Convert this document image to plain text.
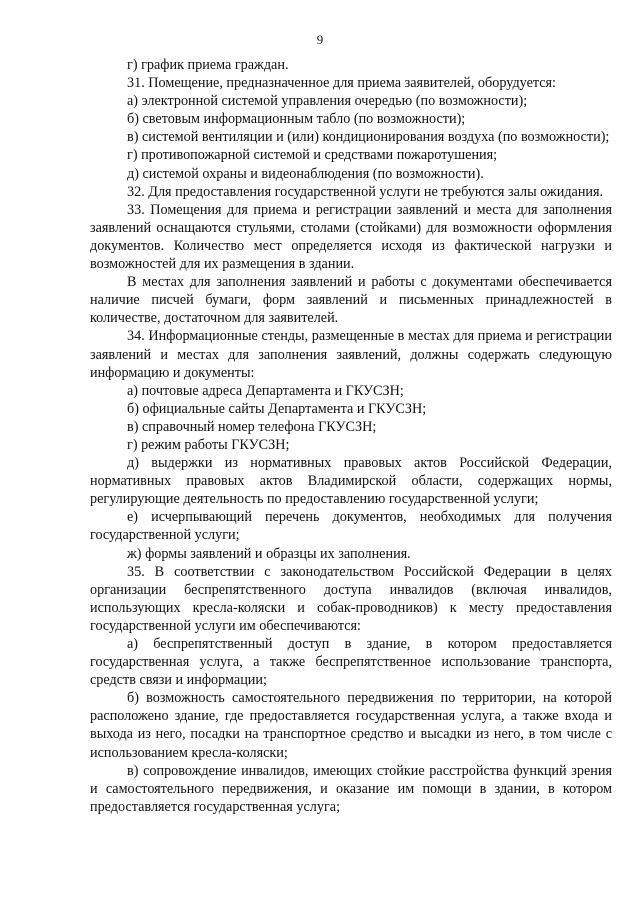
9

г) график приема граждан.

31. Помещение, предназначенное для приема заявителей, оборудуется:

а) электронной системой управления очередью (по возможности);

б) световым информационным табло (по возможности);

в) системой вентиляции и (или) кондиционирования воздуха (по возможности);

г) противопожарной системой и средствами пожаротушения;

д) системой охраны и видеонаблюдения (по возможности).

32. Для предоставления государственной услуги не требуются залы ожидания.

33. Помещения для приема и регистрации заявлений и места для заполнения заявлений оснащаются стульями, столами (стойками) для возможности оформления документов. Количество мест определяется исходя из фактической нагрузки и возможностей для их размещения в здании.

В местах для заполнения заявлений и работы с документами обеспечивается наличие писчей бумаги, форм заявлений и письменных принадлежностей в количестве, достаточном для заявителей.

34. Информационные стенды, размещенные в местах для приема и регистрации заявлений и местах для заполнения заявлений, должны содержать следующую информацию и документы:

а) почтовые адреса Департамента и ГКУСЗН;

б) официальные сайты Департамента и ГКУСЗН;

в) справочный номер телефона ГКУСЗН;

г) режим работы ГКУСЗН;

д) выдержки из нормативных правовых актов Российской Федерации, нормативных правовых актов Владимирской области, содержащих нормы, регулирующие деятельность по предоставлению государственной услуги;

е) исчерпывающий перечень документов, необходимых для получения государственной услуги;

ж) формы заявлений и образцы их заполнения.

35. В соответствии с законодательством Российской Федерации в целях организации беспрепятственного доступа инвалидов (включая инвалидов, использующих кресла-коляски и собак-проводников) к месту предоставления государственной услуги им обеспечиваются:

а) беспрепятственный доступ в здание, в котором предоставляется государственная услуга, а также беспрепятственное использование транспорта, средств связи и информации;

б) возможность самостоятельного передвижения по территории, на которой расположено здание, где предоставляется государственная услуга, а также входа и выхода из него, посадки на транспортное средство и высадки из него, в том числе с использованием кресла-коляски;

в) сопровождение инвалидов, имеющих стойкие расстройства функций зрения и самостоятельного передвижения, и оказание им помощи в здании, в котором предоставляется государственная услуга;
